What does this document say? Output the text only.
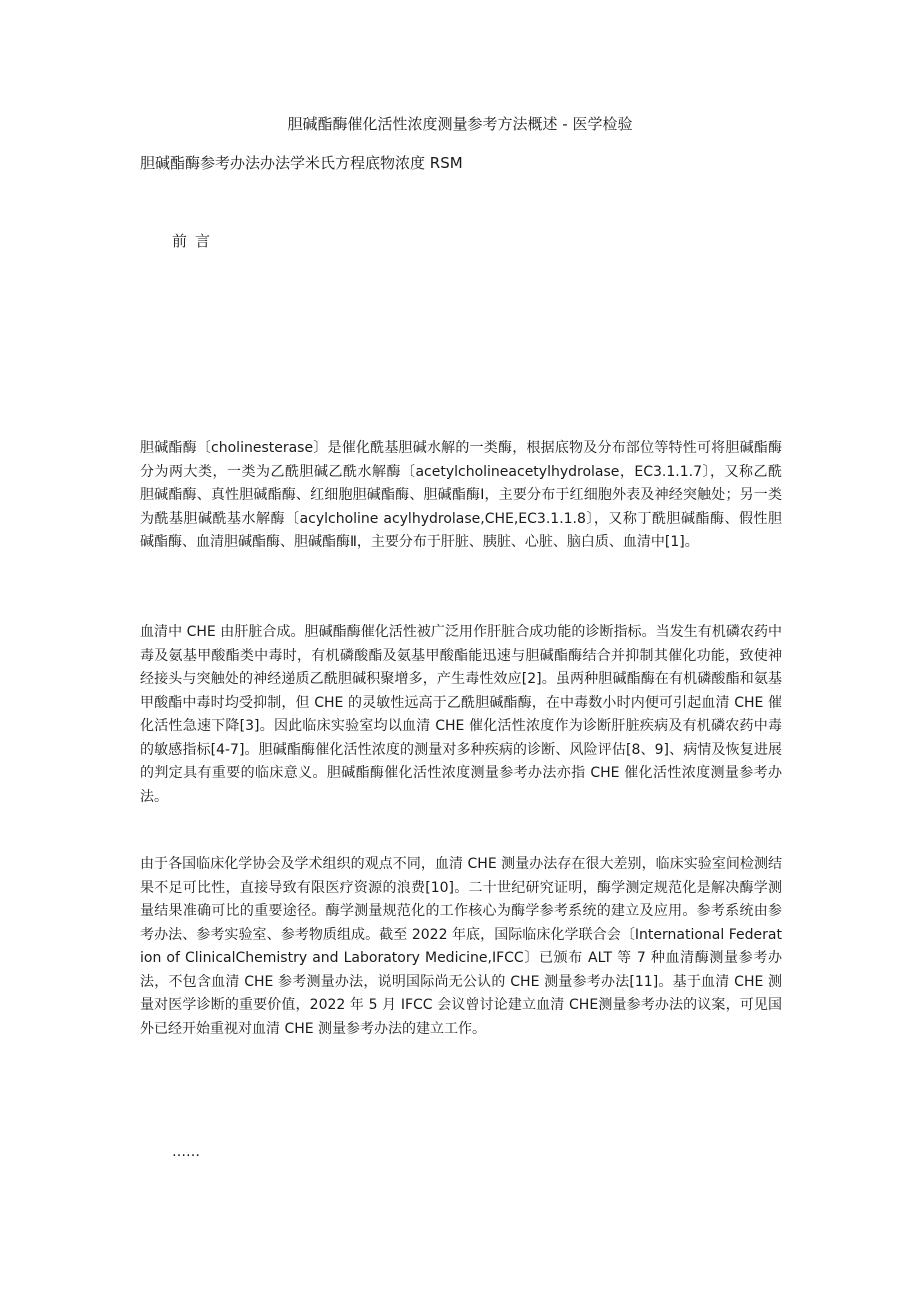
胆碱酯酶催化活性浓度测量参考方法概述 - 医学检验

胆碱酯酶参考办法办法学米氏方程底物浓度 RSM

前言

胆碱酯酶〔cholinesterase〕是催化酰基胆碱水解的一类酶，根据底物及分布部位等特性可将胆碱酯酶分为两大类，一类为乙酰胆碱乙酰水解酶〔acetylcholineacetylhydrolase，EC3.1.1.7〕，又称乙酰胆碱酯酶、真性胆碱酯酶、红细胞胆碱酯酶、胆碱酯酶Ⅰ，主要分布于红细胞外表及神经突触处；另一类为酰基胆碱酰基水解酶〔acylcholine acylhydrolase,CHE,EC3.1.1.8〕，又称丁酰胆碱酯酶、假性胆碱酯酶、血清胆碱酯酶、胆碱酯酶Ⅱ，主要分布于肝脏、胰脏、心脏、脑白质、血清中[1]。

血清中 CHE 由肝脏合成。胆碱酯酶催化活性被广泛用作肝脏合成功能的诊断指标。当发生有机磷农药中毒及氨基甲酸酯类中毒时，有机磷酸酯及氨基甲酸酯能迅速与胆碱酯酶结合并抑制其催化功能，致使神经接头与突触处的神经递质乙酰胆碱积聚增多，产生毒性效应[2]。虽两种胆碱酯酶在有机磷酸酯和氨基甲酸酯中毒时均受抑制，但 CHE 的灵敏性远高于乙酰胆碱酯酶，在中毒数小时内便可引起血清 CHE 催化活性急速下降[3]。因此临床实验室均以血清 CHE 催化活性浓度作为诊断肝脏疾病及有机磷农药中毒的敏感指标[4-7]。胆碱酯酶催化活性浓度的测量对多种疾病的诊断、风险评估[8、9]、病情及恢复进展的判定具有重要的临床意义。胆碱酯酶催化活性浓度测量参考办法亦指 CHE 催化活性浓度测量参考办法。

由于各国临床化学协会及学术组织的观点不同，血清 CHE 测量办法存在很大差别，临床实验室间检测结果不足可比性，直接导致有限医疗资源的浪费[10]。二十世纪研究证明，酶学测定规范化是解决酶学测量结果准确可比的重要途径。酶学测量规范化的工作核心为酶学参考系统的建立及应用。参考系统由参考办法、参考实验室、参考物质组成。截至 2022 年底，国际临床化学联合会〔International Federation of ClinicalChemistry and Laboratory Medicine,IFCC〕已颁布 ALT 等 7 种血清酶测量参考办法，不包含血清 CHE 参考测量办法，说明国际尚无公认的 CHE 测量参考办法[11]。基于血清 CHE 测量对医学诊断的重要价值，2022 年 5 月 IFCC 会议曾讨论建立血清 CHE测量参考办法的议案，可见国外已经开始重视对血清 CHE 测量参考办法的建立工作。

……
